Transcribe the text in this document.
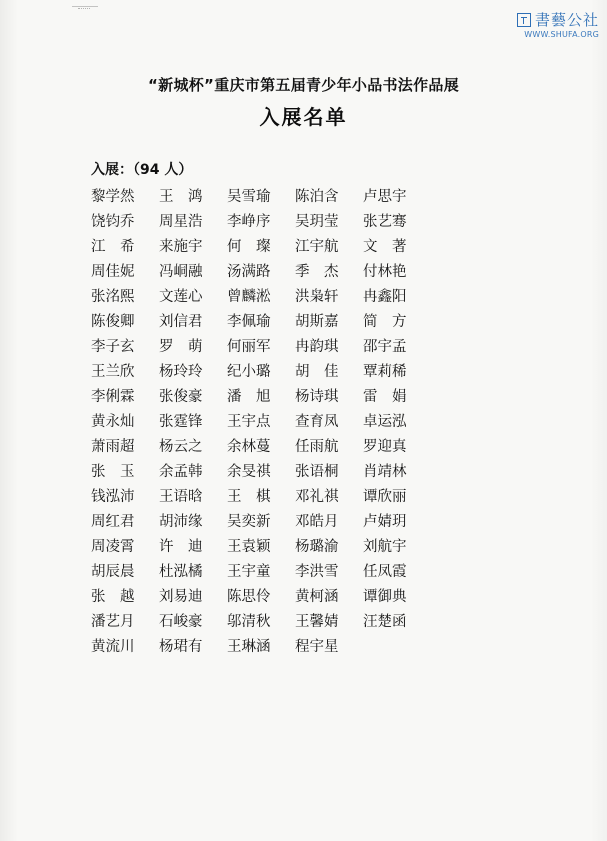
書藝公社
WWW.SHUFA.ORG
“新城杯”重庆市第五届青少年小品书法作品展
入展名单
入展：（94 人）
黎学然	王　鸿	吴雪瑜	陈泊含	卢思宇
饶钧乔	周星浩	李峥序	吴玥莹	张艺骞
江　希	来施宇	何　璨	江宇航	文　著
周佳妮	冯峒融	汤满路	季　杰	付林艳
张洺熙	文莲心	曾麟淞	洪枭轩	冉鑫阳
陈俊卿	刘信君	李佩瑜	胡斯嘉	简　方
李子玄	罗　萌	何丽军	冉韵琪	邵宇孟
王兰欣	杨玲玲	纪小璐	胡　佳	覃莉稀
李俐霖	张俊豪	潘　旭	杨诗琪	雷　娟
黄永灿	张霆锋	王宇点	查育凤	卓运泓
萧雨超	杨云之	余林蔓	任雨航	罗迎真
张　玉	余孟韩	余旻祺	张语桐	肖靖林
钱泓沛	王语晗	王　棋	邓礼祺	谭欣丽
周红君	胡沛缘	吴奕新	邓皓月	卢婧玥
周凌霄	许　迪	王袁颖	杨璐渝	刘航宇
胡辰晨	杜泓橘	王宇童	李洪雪	任凤霞
张　越	刘易迪	陈思伶	黄柯涵	谭御典
潘艺月	石峻豪	邬清秋	王馨婧	汪楚函
黄流川	杨珺有	王琳涵	程宇星
